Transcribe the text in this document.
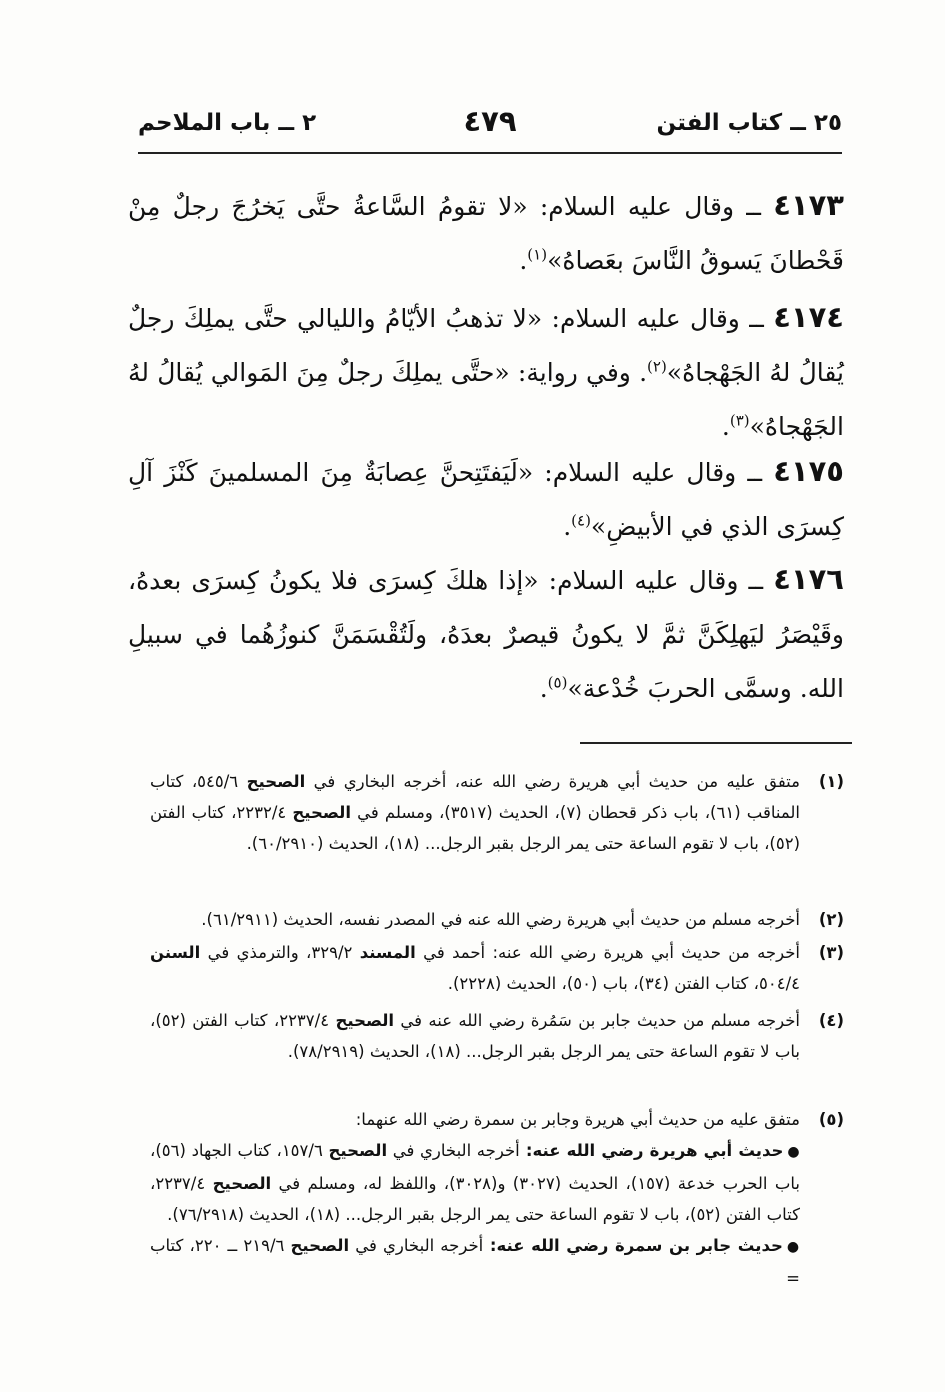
٢٥ ــ كتاب الفتن
٤٧٩
٢ ــ باب الملاحم
٤١٧٣ ــ وقال عليه السلام: «لا تقومُ السَّاعةُ حتَّى يَخرُجَ رجلٌ مِنْ قَحْطانَ يَسوقُ النَّاسَ بعَصاهُ»$^{(١)}$.
٤١٧٤ ــ وقال عليه السلام: «لا تذهبُ الأيّامُ والليالي حتَّى يملِكَ رجلٌ يُقالُ لهُ الجَهْجاهُ»$^{(٢)}$. وفي رواية: «حتَّى يملِكَ رجلٌ مِنَ المَوالي يُقالُ لهُ الجَهْجاهُ»$^{(٣)}$.
٤١٧٥ ــ وقال عليه السلام: «لَيَفتَتِحنَّ عِصابَةٌ مِنَ المسلمينَ كَنْزَ آلِ كِسرَى الذي في الأبيضِ»$^{(٤)}$.
٤١٧٦ ــ وقال عليه السلام: «إذا هلكَ كِسرَى فلا يكونُ كِسرَى بعدهُ، وقَيْصَرُ ليَهلِكَنَّ ثمَّ لا يكونُ قيصرٌ بعدَهُ، ولَتُقْسَمَنَّ كنوزُهُما في سبيلِ الله. وسمَّى الحربَ خُدْعة»$^{(٥)}$.
(١)
متفق عليه من حديث أبي هريرة رضي الله عنه، أخرجه البخاري في الصحيح ٥٤٥/٦، كتاب المناقب (٦١)، باب ذكر قحطان (٧)، الحديث (٣٥١٧)، ومسلم في الصحيح ٢٢٣٢/٤، كتاب الفتن (٥٢)، باب لا تقوم الساعة حتى يمر الرجل بقبر الرجل... (١٨)، الحديث (٦٠/٢٩١٠).
(٢)
أخرجه مسلم من حديث أبي هريرة رضي الله عنه في المصدر نفسه، الحديث (٦١/٢٩١١).
(٣)
أخرجه من حديث أبي هريرة رضي الله عنه: أحمد في المسند ٣٢٩/٢، والترمذي في السنن ٥٠٤/٤، كتاب الفتن (٣٤)، باب (٥٠)، الحديث (٢٢٢٨).
(٤)
أخرجه مسلم من حديث جابر بن سَمُرة رضي الله عنه في الصحيح ٢٢٣٧/٤، كتاب الفتن (٥٢)، باب لا تقوم الساعة حتى يمر الرجل بقبر الرجل... (١٨)، الحديث (٧٨/٢٩١٩).
(٥)
متفق عليه من حديث أبي هريرة وجابر بن سمرة رضي الله عنهما:
●حديث أبي هريرة رضي الله عنه: أخرجه البخاري في الصحيح ١٥٧/٦، كتاب الجهاد (٥٦)، باب الحرب خدعة (١٥٧)، الحديث (٣٠٢٧) و(٣٠٢٨)، واللفظ له، ومسلم في الصحيح ٢٢٣٧/٤، كتاب الفتن (٥٢)، باب لا تقوم الساعة حتى يمر الرجل بقبر الرجل... (١٨)، الحديث (٧٦/٢٩١٨).
●حديث جابر بن سمرة رضي الله عنه: أخرجه البخاري في الصحيح ٢١٩/٦ ــ ٢٢٠، كتاب =
